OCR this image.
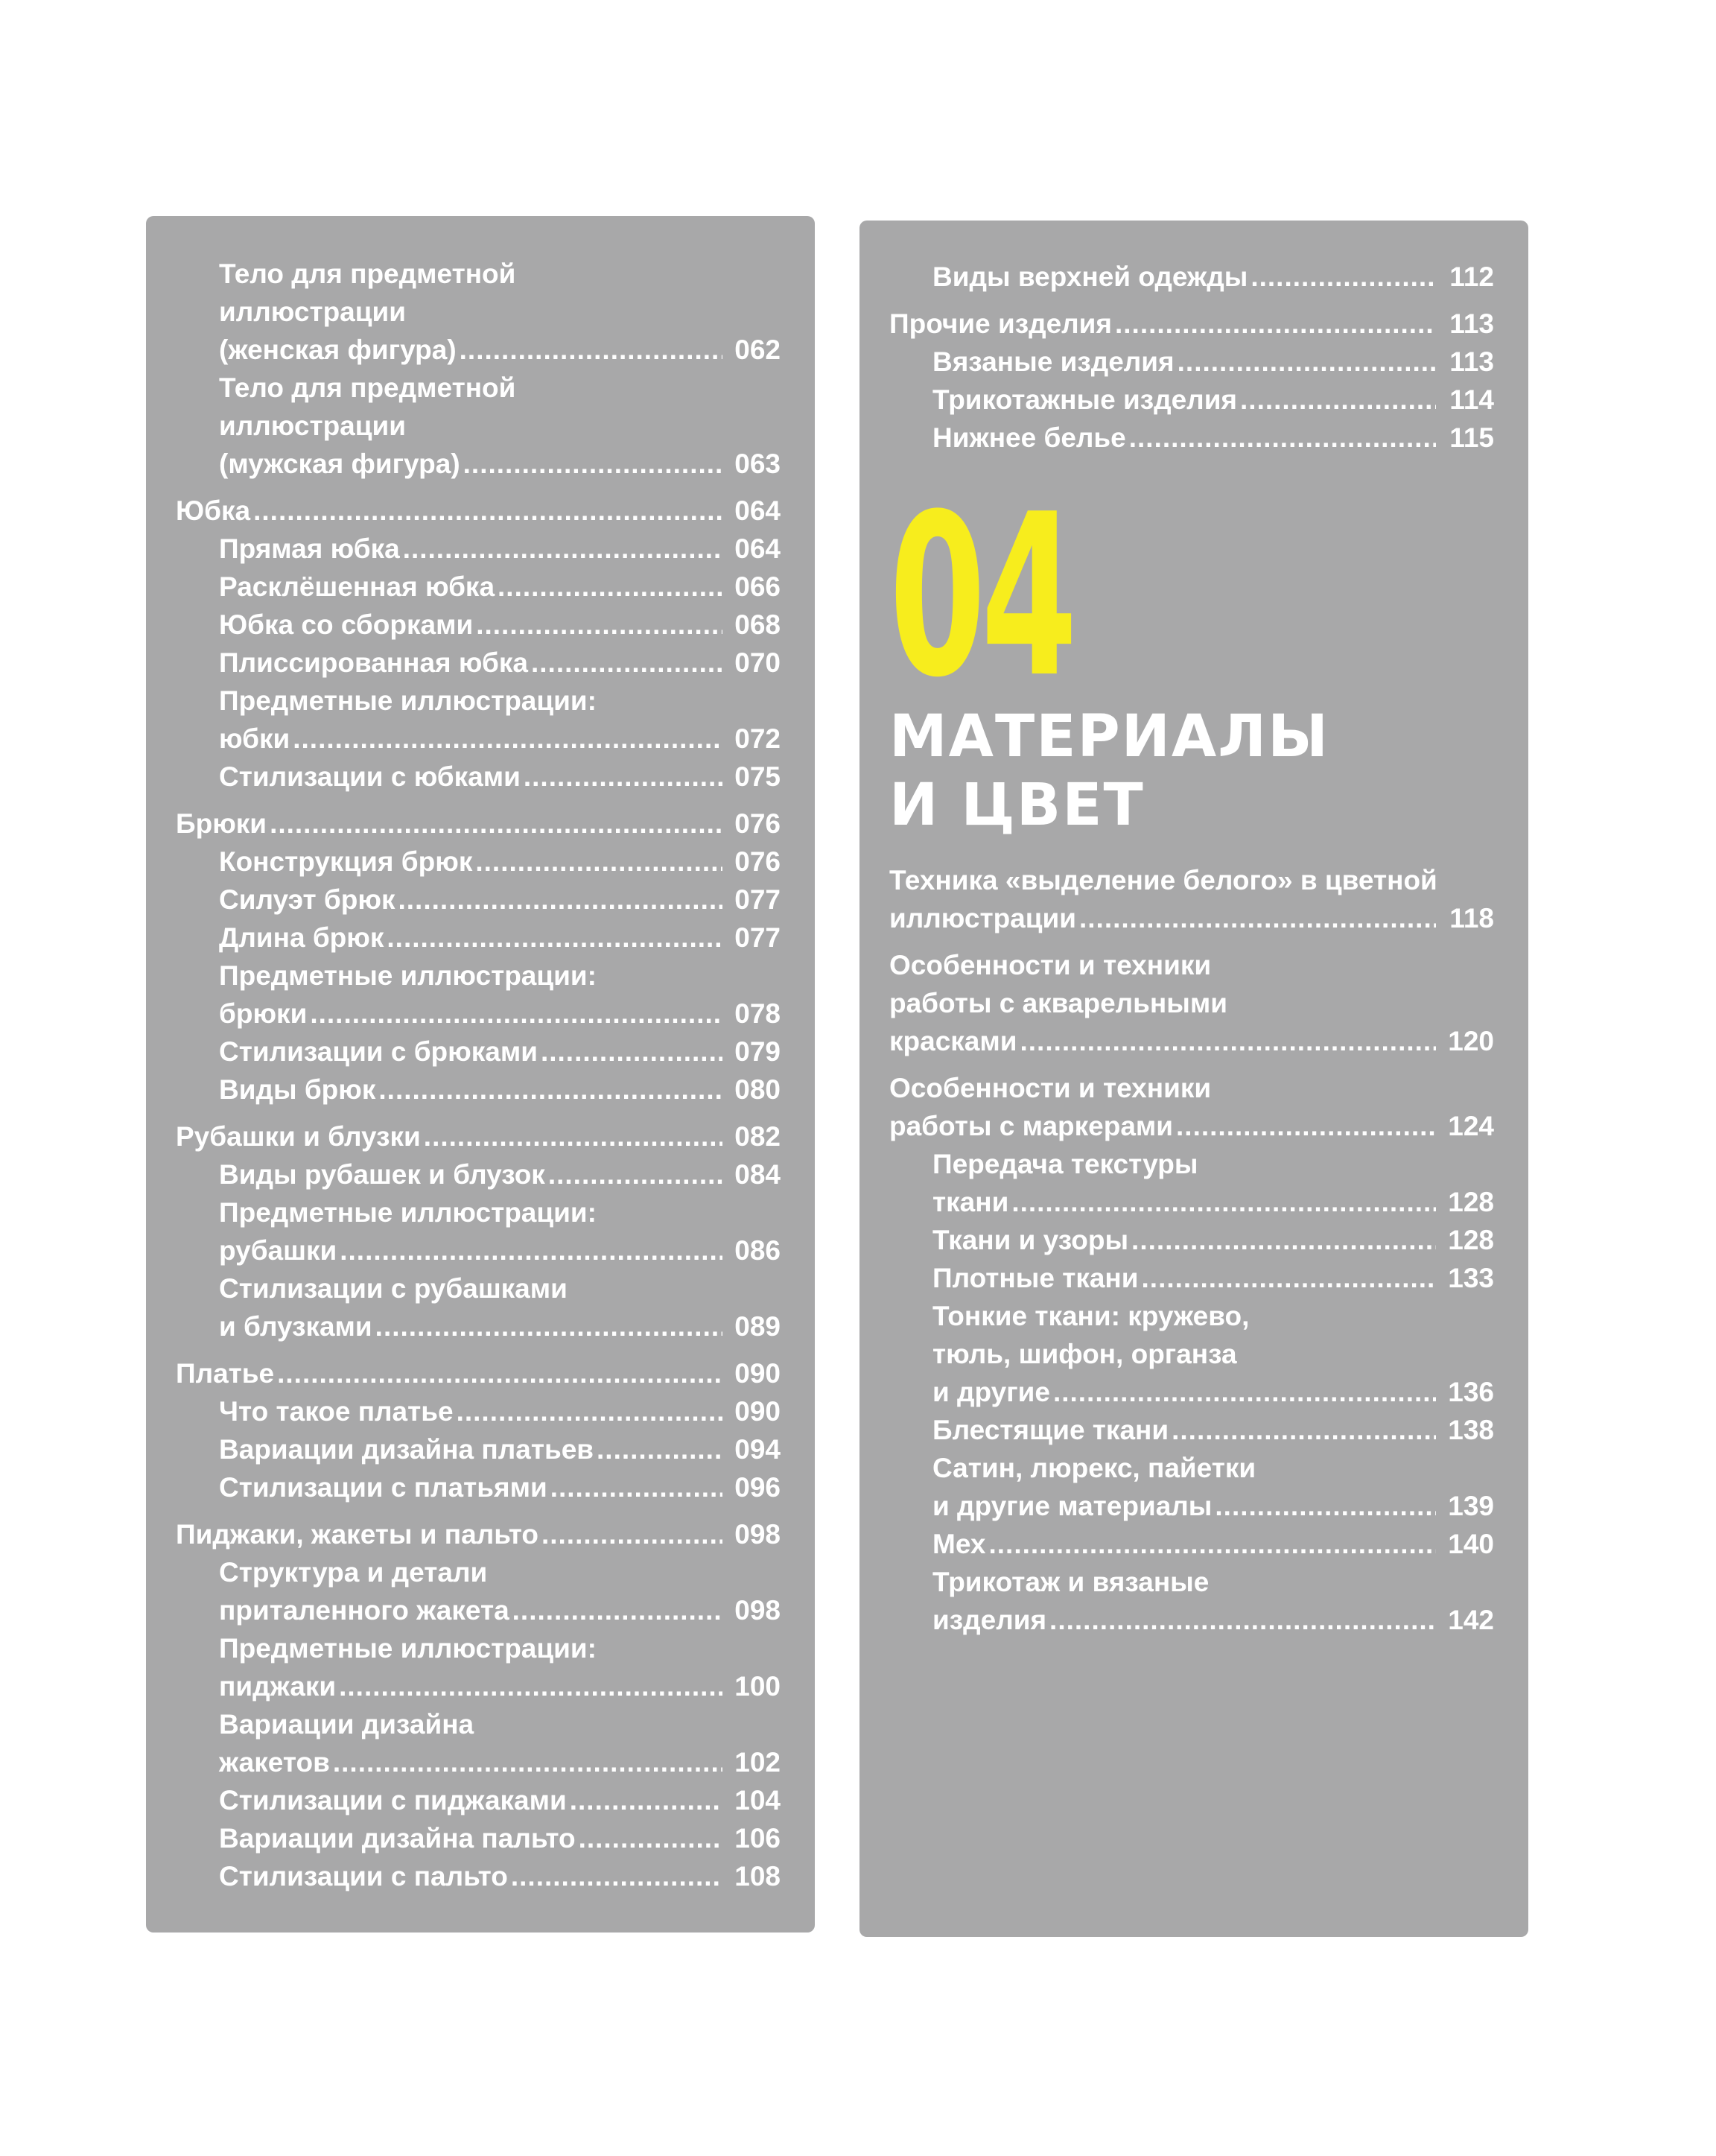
Тело для предметной
иллюстрации
(женская фигура) .....	062
Тело для предметной
иллюстрации
(мужская фигура) .....	063
Юбка .....	064
Прямая юбка .....	064
Расклёшенная юбка .....	066
Юбка со сборками .....	068
Плиссированная юбка .....	070
Предметные иллюстрации:
юбки .....	072
Стилизации с юбками .....	075
Брюки .....	076
Конструкция брюк .....	076
Силуэт брюк .....	077
Длина брюк .....	077
Предметные иллюстрации:
брюки .....	078
Стилизации с брюками .....	079
Виды брюк .....	080
Рубашки и блузки .....	082
Виды рубашек и блузок .....	084
Предметные иллюстрации:
рубашки .....	086
Стилизации с рубашками
и блузками .....	089
Платье .....	090
Что такое платье .....	090
Вариации дизайна платьев .....	094
Стилизации с платьями .....	096
Пиджаки, жакеты и пальто .....	098
Структура и детали
приталенного жакета .....	098
Предметные иллюстрации:
пиджаки .....	100
Вариации дизайна
жакетов .....	102
Стилизации с пиджаками .....	104
Вариации дизайна пальто .....	106
Стилизации с пальто .....	108
Виды верхней одежды .....	112
Прочие изделия .....	113
Вязаные изделия .....	113
Трикотажные изделия .....	114
Нижнее белье .....	115
04
МАТЕРИАЛЫ
И ЦВЕТ
Техника «выделение белого» в цветной
иллюстрации .....	118
Особенности и техники
работы с акварельными
красками .....	120
Особенности и техники
работы с маркерами .....	124
Передача текстуры
ткани .....	128
Ткани и узоры .....	128
Плотные ткани .....	133
Тонкие ткани: кружево,
тюль, шифон, органза
и другие .....	136
Блестящие ткани .....	138
Сатин, люрекс, пайетки
и другие материалы .....	139
Мех .....	140
Трикотаж и вязаные
изделия .....	142
